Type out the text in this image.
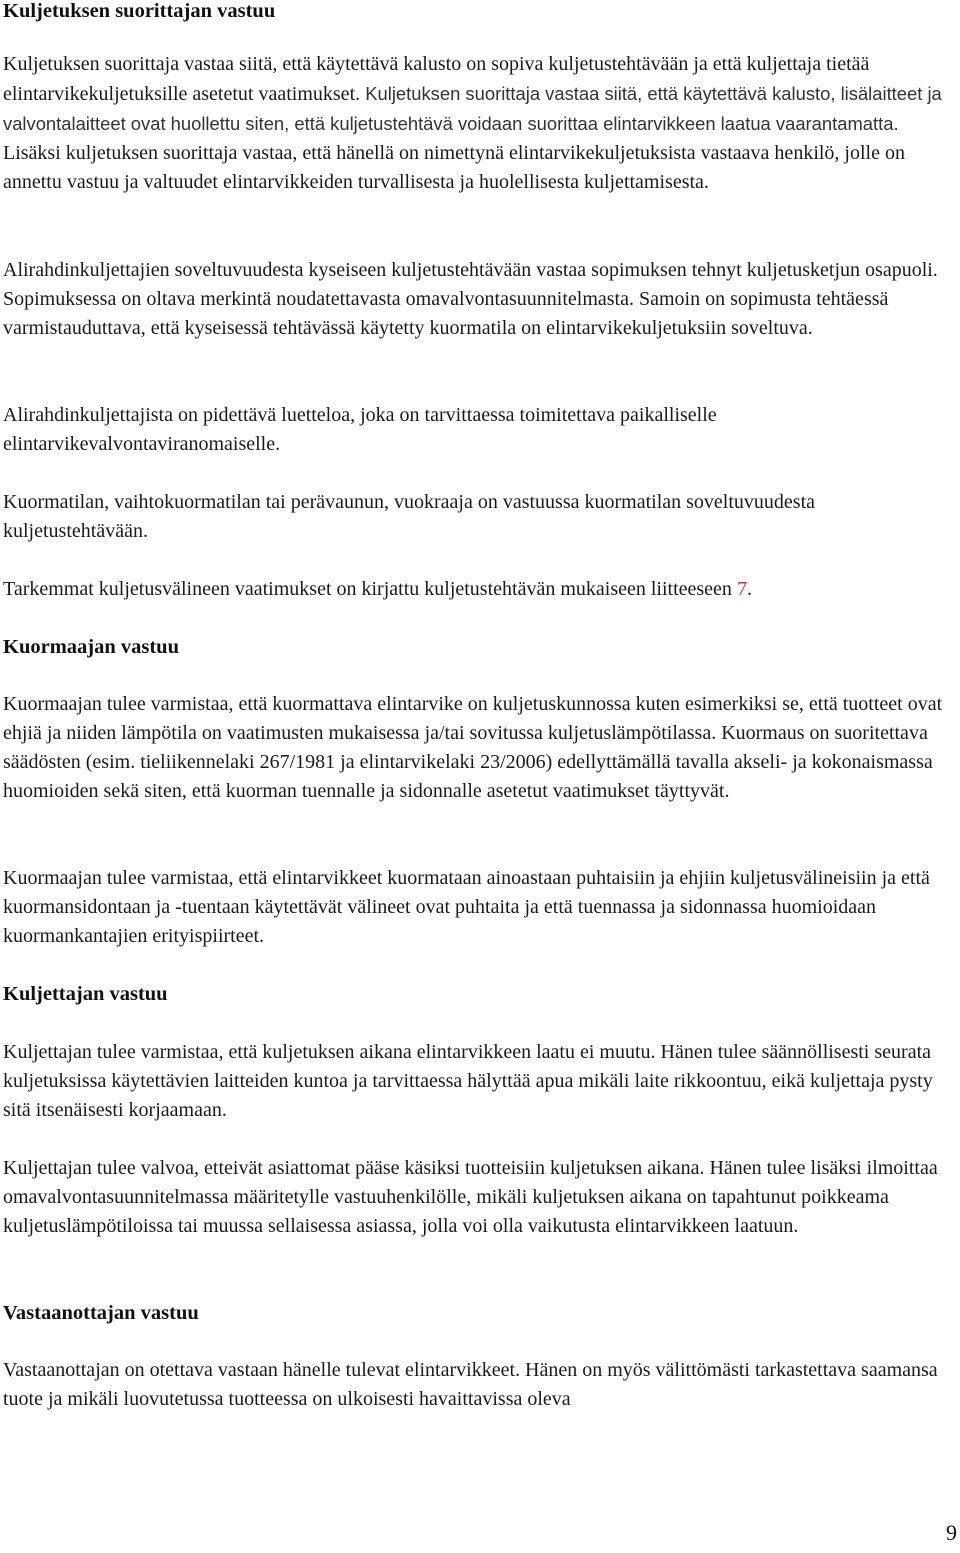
Kuljetuksen suorittajan vastuu

Kuljetuksen suorittaja vastaa siitä, että käytettävä kalusto on sopiva kuljetustehtävään ja että kuljettaja tietää elintarvikekuljetuksille asetetut vaatimukset. Kuljetuksen suorittaja vastaa siitä, että käytettävä kalusto, lisälaitteet ja valvontalaitteet ovat huollettu siten, että kuljetustehtävä voidaan suorittaa elintarvikkeen laatua vaarantamatta. Lisäksi kuljetuksen suorittaja vastaa, että hänellä on nimettynä elintarvikekuljetuksista vastaava henkilö, jolle on annettu vastuu ja valtuudet elintarvikkeiden turvallisesta ja huolellisesta kuljettamisesta.

Alirahdinkuljettajien soveltuvuudesta kyseiseen kuljetustehtävään vastaa sopimuksen tehnyt kuljetusketjun osapuoli. Sopimuksessa on oltava merkintä noudatettavasta omavalvontasuunnitelmasta. Samoin on sopimusta tehtäessä varmistauduttava, että kyseisessä tehtävässä käytetty kuormatila on elintarvikekuljetuksiin soveltuva.

Alirahdinkuljettajista on pidettävä luetteloa, joka on tarvittaessa toimitettava paikalliselle elintarvikevalvontaviranomaiselle.

Kuormatilan, vaihtokuormatilan tai perävaunun, vuokraaja on vastuussa kuormatilan soveltuvuudesta kuljetustehtävään.

Tarkemmat kuljetusvälineen vaatimukset on kirjattu kuljetustehtävän mukaiseen liitteeseen 7.

Kuormaajan vastuu

Kuormaajan tulee varmistaa, että kuormattava elintarvike on kuljetuskunnossa kuten esimerkiksi se, että tuotteet ovat ehjiä ja niiden lämpötila on vaatimusten mukaisessa ja/tai sovitussa kuljetuslämpötilassa. Kuormaus on suoritettava säädösten (esim. tieliikennelaki 267/1981 ja elintarvikelaki 23/2006) edellyttämällä tavalla akseli- ja kokonaismassa huomioiden sekä siten, että kuorman tuennalle ja sidonnalle asetetut vaatimukset täyttyvät.

Kuormaajan tulee varmistaa, että elintarvikkeet kuormataan ainoastaan puhtaisiin ja ehjiin kuljetusvälineisiin ja että kuormansidontaan ja -tuentaan käytettävät välineet ovat puhtaita ja että tuennassa ja sidonnassa huomioidaan kuormankantajien erityispiirteet.

Kuljettajan vastuu

Kuljettajan tulee varmistaa, että kuljetuksen aikana elintarvikkeen laatu ei muutu. Hänen tulee säännöllisesti seurata kuljetuksissa käytettävien laitteiden kuntoa ja tarvittaessa hälyttää apua mikäli laite rikkoontuu, eikä kuljettaja pysty sitä itsenäisesti korjaamaan.

Kuljettajan tulee valvoa, etteivät asiattomat pääse käsiksi tuotteisiin kuljetuksen aikana. Hänen tulee lisäksi ilmoittaa omavalvontasuunnitelmassa määritetylle vastuuhenkilölle, mikäli kuljetuksen aikana on tapahtunut poikkeama kuljetuslämpötiloissa tai muussa sellaisessa asiassa, jolla voi olla vaikutusta elintarvikkeen laatuun.

Vastaanottajan vastuu

Vastaanottajan on otettava vastaan hänelle tulevat elintarvikkeet. Hänen on myös välittömästi tarkastettava saamansa tuote ja mikäli luovutetussa tuotteessa on ulkoisesti havaittavissa oleva

9
